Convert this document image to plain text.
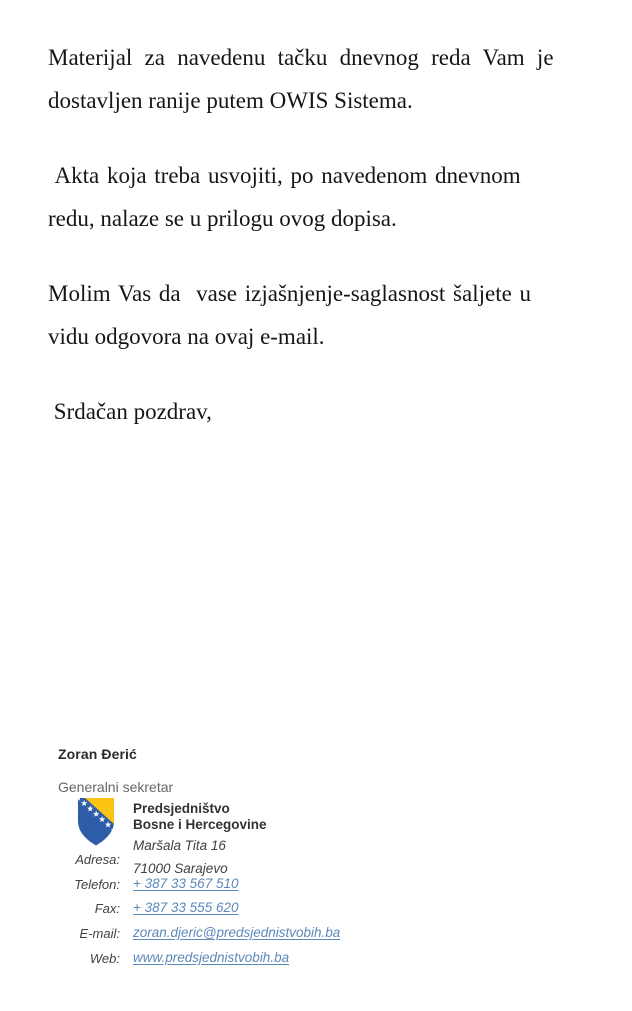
Materijal za navedenu tačku dnevnog reda Vam je
dostavljen ranije putem OWIS Sistema.
Akta koja treba usvojiti, po navedenom dnevnom
redu, nalaze se u prilogu ovog dopisa.
Molim Vas da  vase izjašnjenje-saglasnost šaljete u
vidu odgovora na ovaj e-mail.
Srdačan pozdrav,
Zoran Đerić
Generalni sekretar
Predsjedništvo
Bosne i Hercegovine
Maršala Tita 16
Adresa:
71000 Sarajevo
Telefon: + 387 33 567 510
Fax: + 387 33 555 620
E-mail: zoran.djeric@predsjednistvobih.ba
Web: www.predsjednistvobih.ba
